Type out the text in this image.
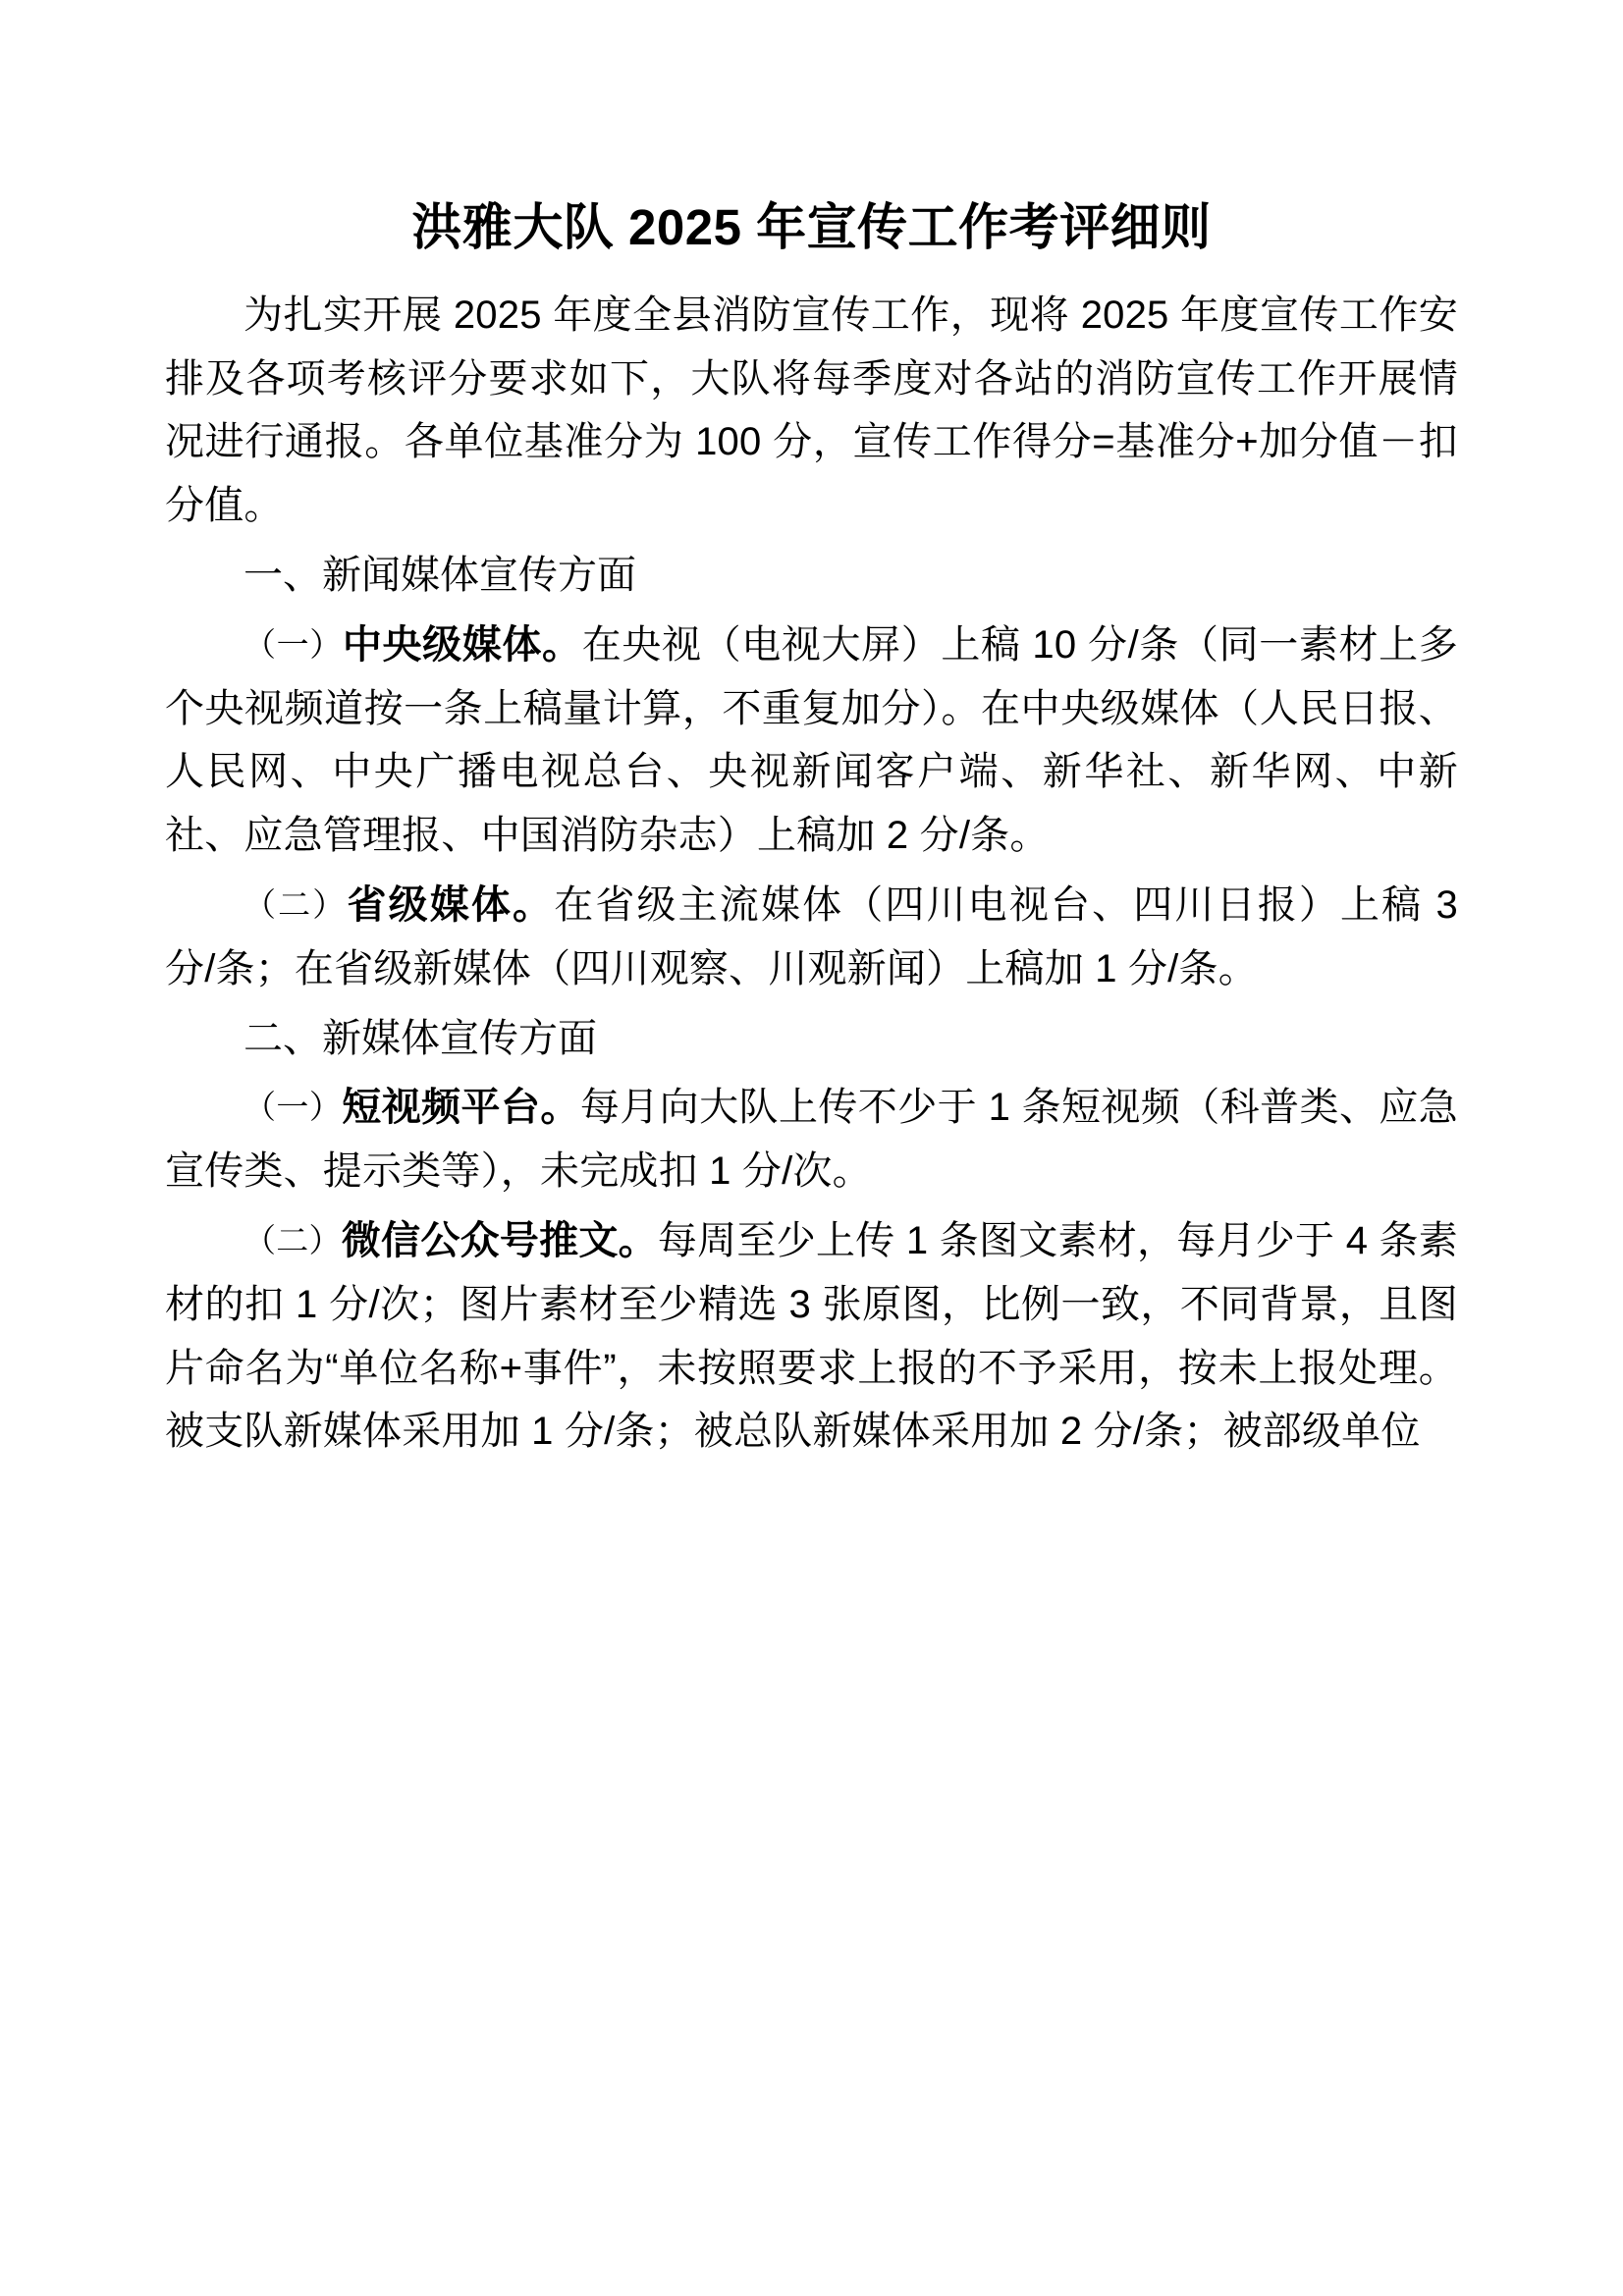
洪雅大队 2025 年宣传工作考评细则

为扎实开展 2025 年度全县消防宣传工作，现将 2025 年度宣传工作安排及各项考核评分要求如下，大队将每季度对各站的消防宣传工作开展情况进行通报。各单位基准分为 100 分，宣传工作得分=基准分+加分值－扣分值。

一、新闻媒体宣传方面

（一）中央级媒体。在央视（电视大屏）上稿 10 分/条（同一素材上多个央视频道按一条上稿量计算，不重复加分）。在中央级媒体（人民日报、人民网、中央广播电视总台、央视新闻客户端、新华社、新华网、中新社、应急管理报、中国消防杂志）上稿加 2 分/条。

（二）省级媒体。在省级主流媒体（四川电视台、四川日报）上稿 3 分/条；在省级新媒体（四川观察、川观新闻）上稿加 1 分/条。

二、新媒体宣传方面

（一）短视频平台。每月向大队上传不少于 1 条短视频（科普类、应急宣传类、提示类等），未完成扣 1 分/次。

（二）微信公众号推文。每周至少上传 1 条图文素材，每月少于 4 条素材的扣 1 分/次；图片素材至少精选 3 张原图，比例一致，不同背景，且图片命名为“单位名称+事件”，未按照要求上报的不予采用，按未上报处理。被支队新媒体采用加 1 分/条；被总队新媒体采用加 2 分/条；被部级单位
